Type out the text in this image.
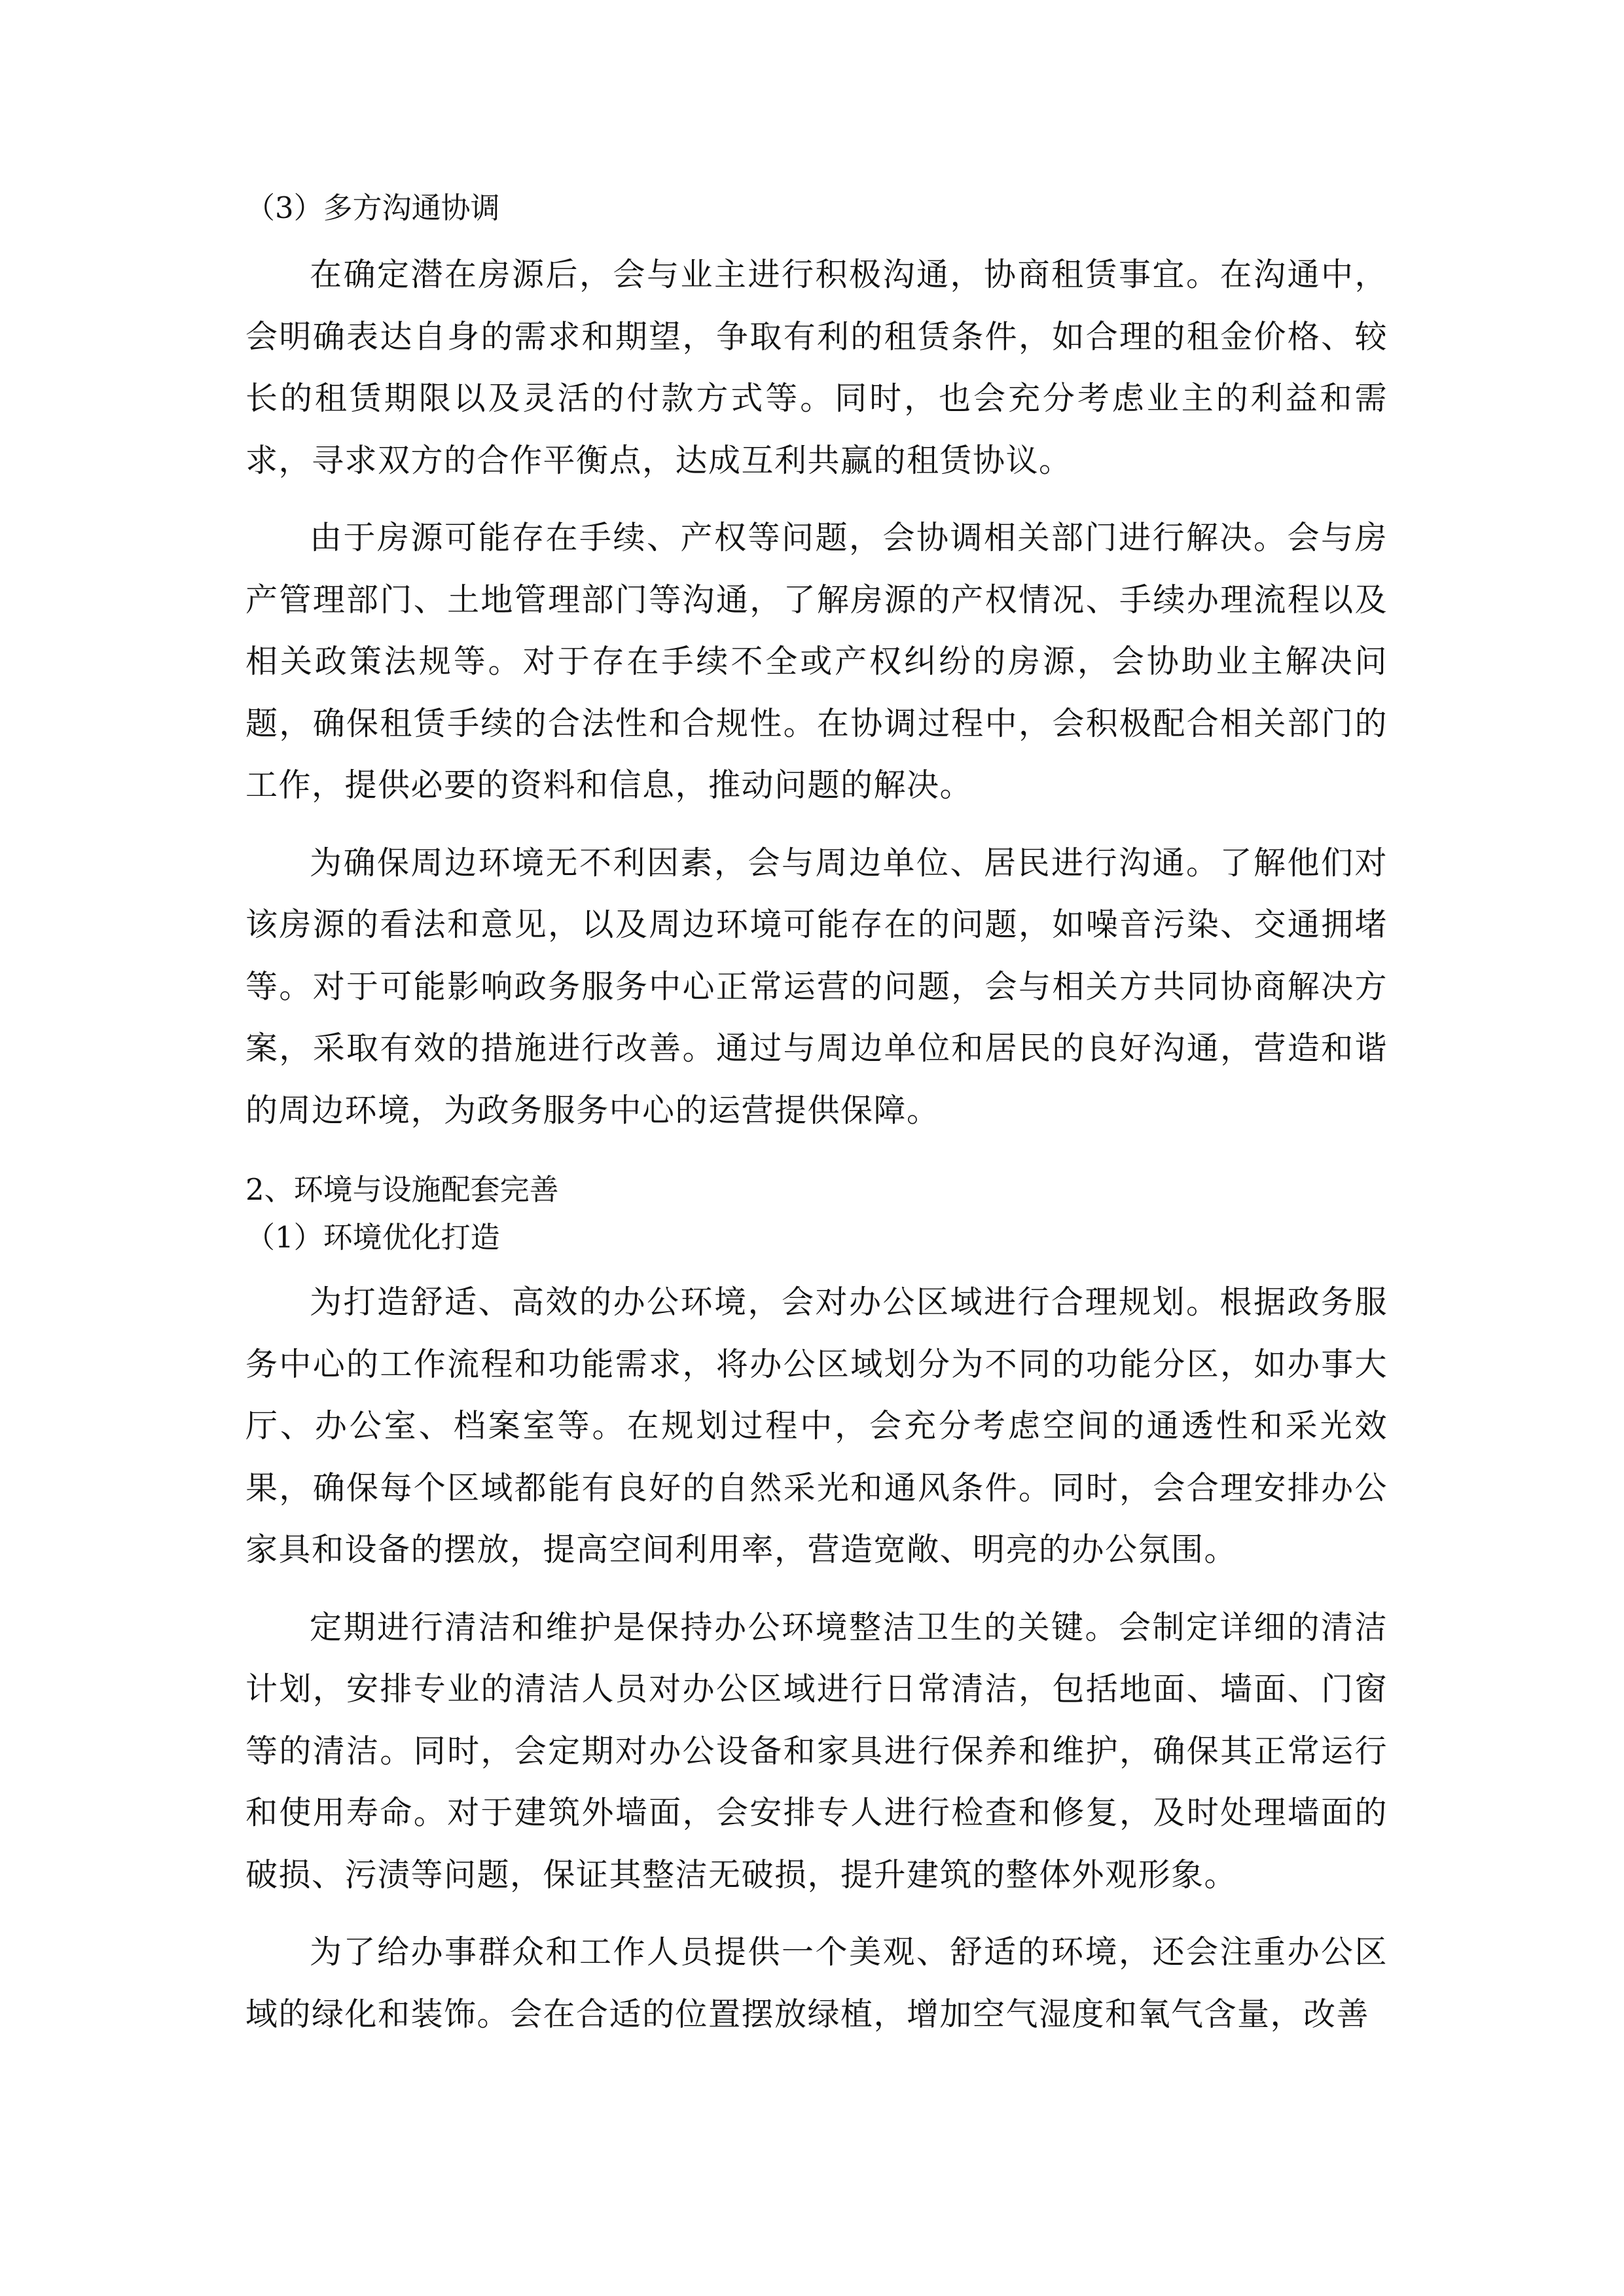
（3）多方沟通协调

在确定潜在房源后，会与业主进行积极沟通，协商租赁事宜。在沟通中，会明确表达自身的需求和期望，争取有利的租赁条件，如合理的租金价格、较长的租赁期限以及灵活的付款方式等。同时，也会充分考虑业主的利益和需求，寻求双方的合作平衡点，达成互利共赢的租赁协议。

由于房源可能存在手续、产权等问题，会协调相关部门进行解决。会与房产管理部门、土地管理部门等沟通，了解房源的产权情况、手续办理流程以及相关政策法规等。对于存在手续不全或产权纠纷的房源，会协助业主解决问题，确保租赁手续的合法性和合规性。在协调过程中，会积极配合相关部门的工作，提供必要的资料和信息，推动问题的解决。

为确保周边环境无不利因素，会与周边单位、居民进行沟通。了解他们对该房源的看法和意见，以及周边环境可能存在的问题，如噪音污染、交通拥堵等。对于可能影响政务服务中心正常运营的问题，会与相关方共同协商解决方案，采取有效的措施进行改善。通过与周边单位和居民的良好沟通，营造和谐的周边环境，为政务服务中心的运营提供保障。

2、环境与设施配套完善

（1）环境优化打造

为打造舒适、高效的办公环境，会对办公区域进行合理规划。根据政务服务中心的工作流程和功能需求，将办公区域划分为不同的功能分区，如办事大厅、办公室、档案室等。在规划过程中，会充分考虑空间的通透性和采光效果，确保每个区域都能有良好的自然采光和通风条件。同时，会合理安排办公家具和设备的摆放，提高空间利用率，营造宽敞、明亮的办公氛围。

定期进行清洁和维护是保持办公环境整洁卫生的关键。会制定详细的清洁计划，安排专业的清洁人员对办公区域进行日常清洁，包括地面、墙面、门窗等的清洁。同时，会定期对办公设备和家具进行保养和维护，确保其正常运行和使用寿命。对于建筑外墙面，会安排专人进行检查和修复，及时处理墙面的破损、污渍等问题，保证其整洁无破损，提升建筑的整体外观形象。

为了给办事群众和工作人员提供一个美观、舒适的环境，还会注重办公区域的绿化和装饰。会在合适的位置摆放绿植，增加空气湿度和氧气含量，改善
